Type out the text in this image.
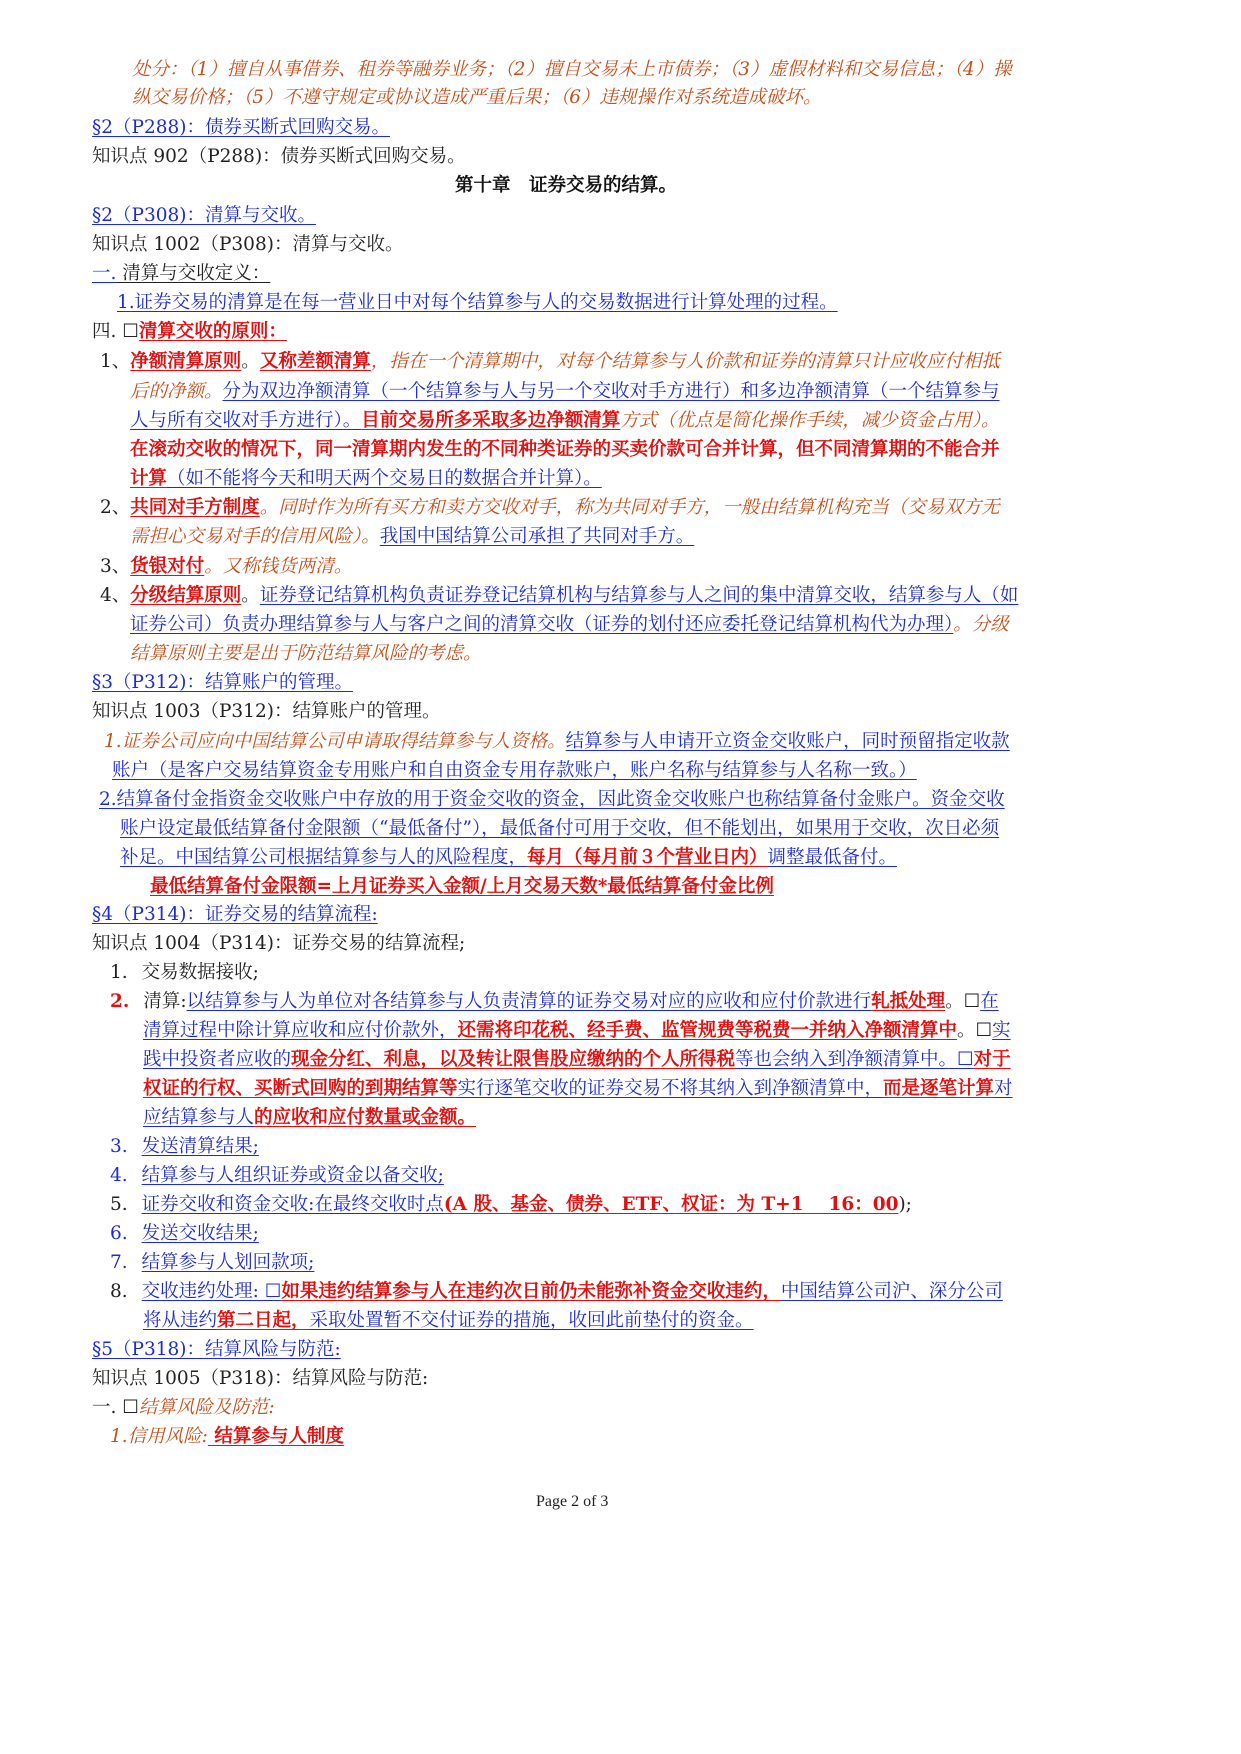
处分：（1）擅自从事借券、租券等融券业务；（2）擅自交易未上市债券；（3）虚假材料和交易信息；（4）操
纵交易价格；（5）不遵守规定或协议造成严重后果；（6）违规操作对系统造成破坏。
§2（P288)：债券买断式回购交易。
知识点 902（P288)：债券买断式回购交易。
第十章　证券交易的结算。
§2（P308)：清算与交收。
知识点 1002（P308)：清算与交收。
一. 清算与交收定义：
1.证券交易的清算是在每一营业日中对每个结算参与人的交易数据进行计算处理的过程。
四. ☐清算交收的原则：
1、净额清算原则。又称差额清算，指在一个清算期中，对每个结算参与人价款和证券的清算只计应收应付相抵
后的净额。分为双边净额清算（一个结算参与人与另一个交收对手方进行）和多边净额清算（一个结算参与
人与所有交收对手方进行）。目前交易所多采取多边净额清算方式（优点是简化操作手续，减少资金占用）。
在滚动交收的情况下，同一清算期内发生的不同种类证券的买卖价款可合并计算，但不同清算期的不能合并
计算（如不能将今天和明天两个交易日的数据合并计算）。
2、共同对手方制度。同时作为所有买方和卖方交收对手，称为共同对手方，一般由结算机构充当（交易双方无
需担心交易对手的信用风险）。我国中国结算公司承担了共同对手方。
3、货银对付。又称钱货两清。
4、分级结算原则。证券登记结算机构负责证券登记结算机构与结算参与人之间的集中清算交收，结算参与人（如
证券公司）负责办理结算参与人与客户之间的清算交收（证券的划付还应委托登记结算机构代为办理）。分级
结算原则主要是出于防范结算风险的考虑。
§3（P312)：结算账户的管理。
知识点 1003（P312)：结算账户的管理。
1.证券公司应向中国结算公司申请取得结算参与人资格。结算参与人申请开立资金交收账户，同时预留指定收款
账户（是客户交易结算资金专用账户和自由资金专用存款账户，账户名称与结算参与人名称一致。）
2.结算备付金指资金交收账户中存放的用于资金交收的资金，因此资金交收账户也称结算备付金账户。资金交收
账户设定最低结算备付金限额（“最低备付”），最低备付可用于交收，但不能划出，如果用于交收，次日必须
补足。中国结算公司根据结算参与人的风险程度，每月（每月前３个营业日内）调整最低备付。
最低结算备付金限额=上月证券买入金额/上月交易天数*最低结算备付金比例
§4（P314)：证券交易的结算流程:
知识点 1004（P314)：证券交易的结算流程;
1. 交易数据接收;
2. 清算:以结算参与人为单位对各结算参与人负责清算的证券交易对应的应收和应付价款进行轧抵处理。☐在
清算过程中除计算应收和应付价款外，还需将印花税、经手费、监管规费等税费一并纳入净额清算中。☐实
践中投资者应收的现金分红、利息，以及转让限售股应缴纳的个人所得税等也会纳入到净额清算中。☐对于
权证的行权、买断式回购的到期结算等实行逐笔交收的证券交易不将其纳入到净额清算中，而是逐笔计算对
应结算参与人的应收和应付数量或金额。
3. 发送清算结果;
4. 结算参与人组织证券或资金以备交收;
5. 证券交收和资金交收:在最终交收时点(A 股、基金、债券、ETF、权证：为 T+1　 16：00);
6. 发送交收结果;
7. 结算参与人划回款项;
8. 交收违约处理: ☐如果违约结算参与人在违约次日前仍未能弥补资金交收违约，中国结算公司沪、深分公司
将从违约第二日起，采取处置暂不交付证券的措施，收回此前垫付的资金。
§5（P318)：结算风险与防范:
知识点 1005（P318)：结算风险与防范:
一. ☐结算风险及防范:
1.信用风险: 结算参与人制度
Page 2 of 3
